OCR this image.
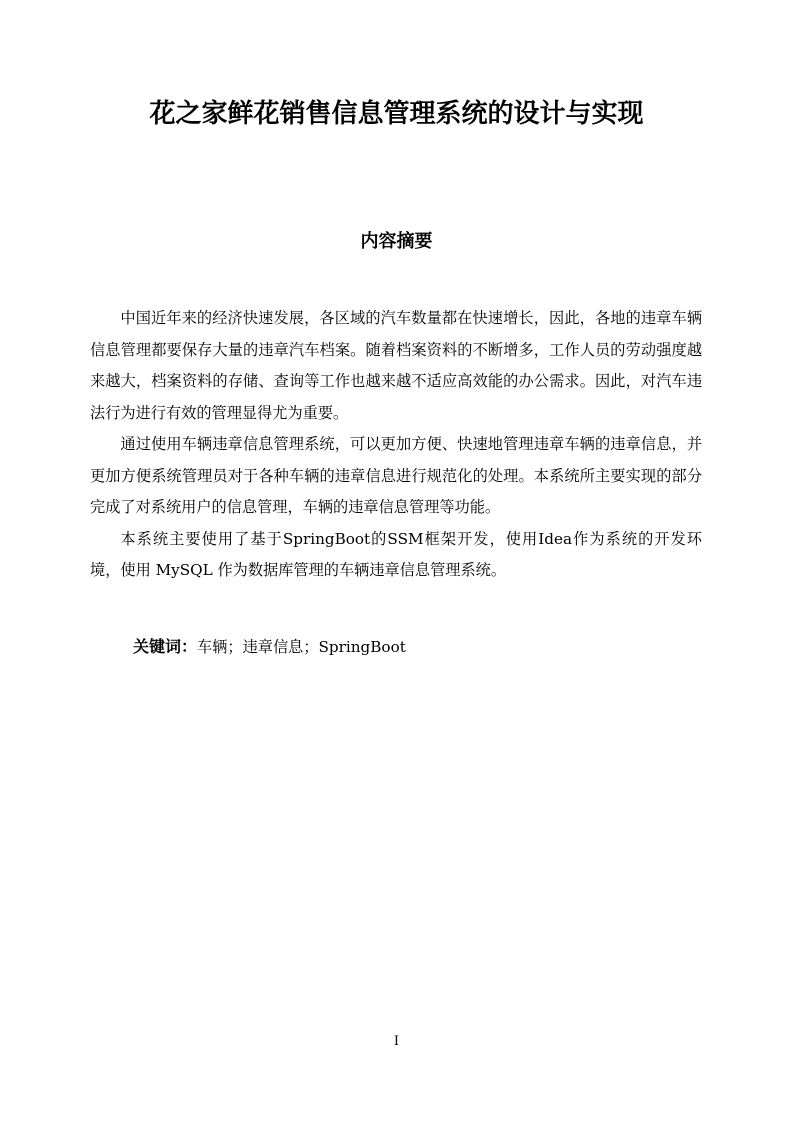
花之家鲜花销售信息管理系统的设计与实现
内容摘要

中国近年来的经济快速发展，各区域的汽车数量都在快速增长，因此，各地的违章车辆信息管理都要保存大量的违章汽车档案。随着档案资料的不断增多，工作人员的劳动强度越来越大，档案资料的存储、查询等工作也越来越不适应高效能的办公需求。因此，对汽车违法行为进行有效的管理显得尤为重要。

通过使用车辆违章信息管理系统，可以更加方便、快速地管理违章车辆的违章信息，并更加方便系统管理员对于各种车辆的违章信息进行规范化的处理。本系统所主要实现的部分完成了对系统用户的信息管理，车辆的违章信息管理等功能。

本系统主要使用了基于SpringBoot的SSM框架开发，使用Idea作为系统的开发环境，使用 MySQL 作为数据库管理的车辆违章信息管理系统。

关键词：车辆；违章信息；SpringBoot

I
